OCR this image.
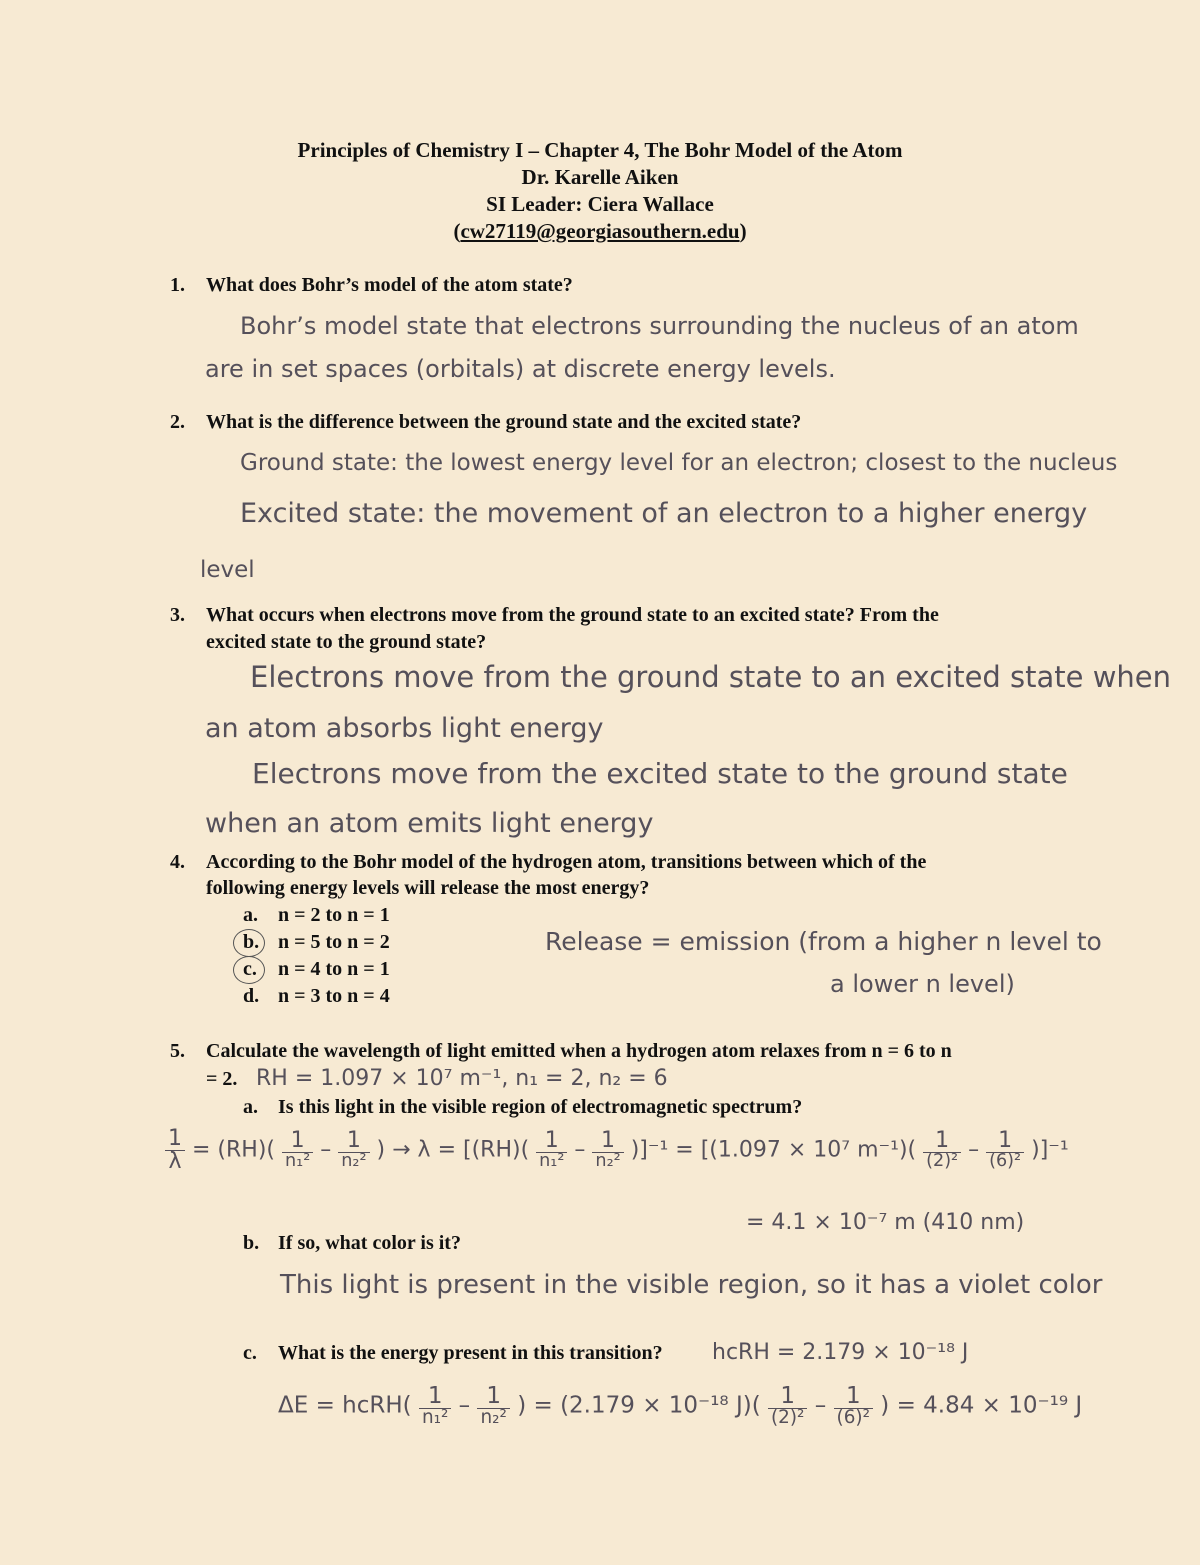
Principles of Chemistry I – Chapter 4, The Bohr Model of the Atom
Dr. Karelle Aiken
SI Leader: Ciera Wallace
(cw27119@georgiasouthern.edu)
1. What does Bohr’s model of the atom state?
Bohr’s model state that electrons surrounding the nucleus of an atom
are in set spaces (orbitals) at discrete energy levels.
2. What is the difference between the ground state and the excited state?
Ground state: the lowest energy level for an electron; closest to the nucleus
Excited state: the movement of an electron to a higher energy
level
3. What occurs when electrons move from the ground state to an excited state? From the
excited state to the ground state?
Electrons move from the ground state to an excited state when
an atom absorbs light energy
Electrons move from the excited state to the ground state
when an atom emits light energy
4. According to the Bohr model of the hydrogen atom, transitions between which of the
following energy levels will release the most energy?
a. n = 2 to n = 1
b. n = 5 to n = 2
c. n = 4 to n = 1
d. n = 3 to n = 4
Release = emission (from a higher n level to
a lower n level)
5. Calculate the wavelength of light emitted when a hydrogen atom relaxes from n = 6 to n
= 2. RH = 1.097 × 10⁷ m⁻¹, n₁ = 2, n₂ = 6
a. Is this light in the visible region of electromagnetic spectrum?
$\frac{1}{\lambda} = (RH)( \frac{1}{\text{n₁²}} - \frac{1}{\text{n₂²}}$ ) → $\lambda = [(RH)( \frac{1}{\text{n₁²}} - \frac{1}{\text{n₂²}} )]^{-1} = [(1.097 \times 10^7$ $m^{-1})( \frac{1}{\text{(2)²}} - \frac{1}{\text{(6)²}} )]^{-1}$
= 4.1 × 10⁻⁷ m (410 nm)
b. If so, what color is it?
This light is present in the visible region, so it has a violet color
c. What is the energy present in this transition? hcRH = 2.179 × 10⁻¹⁸ J
ΔE = hcRH( $\frac{1}{\text{n₁²}} - \frac{1}{\text{n₂²}}$ ) = (2.179 × 10⁻¹⁸ $J)( \frac{1}{\text{(2)²}} - \frac{1}{\text{(6)²}}$ ) = 4.84 × 10⁻¹⁹ J
